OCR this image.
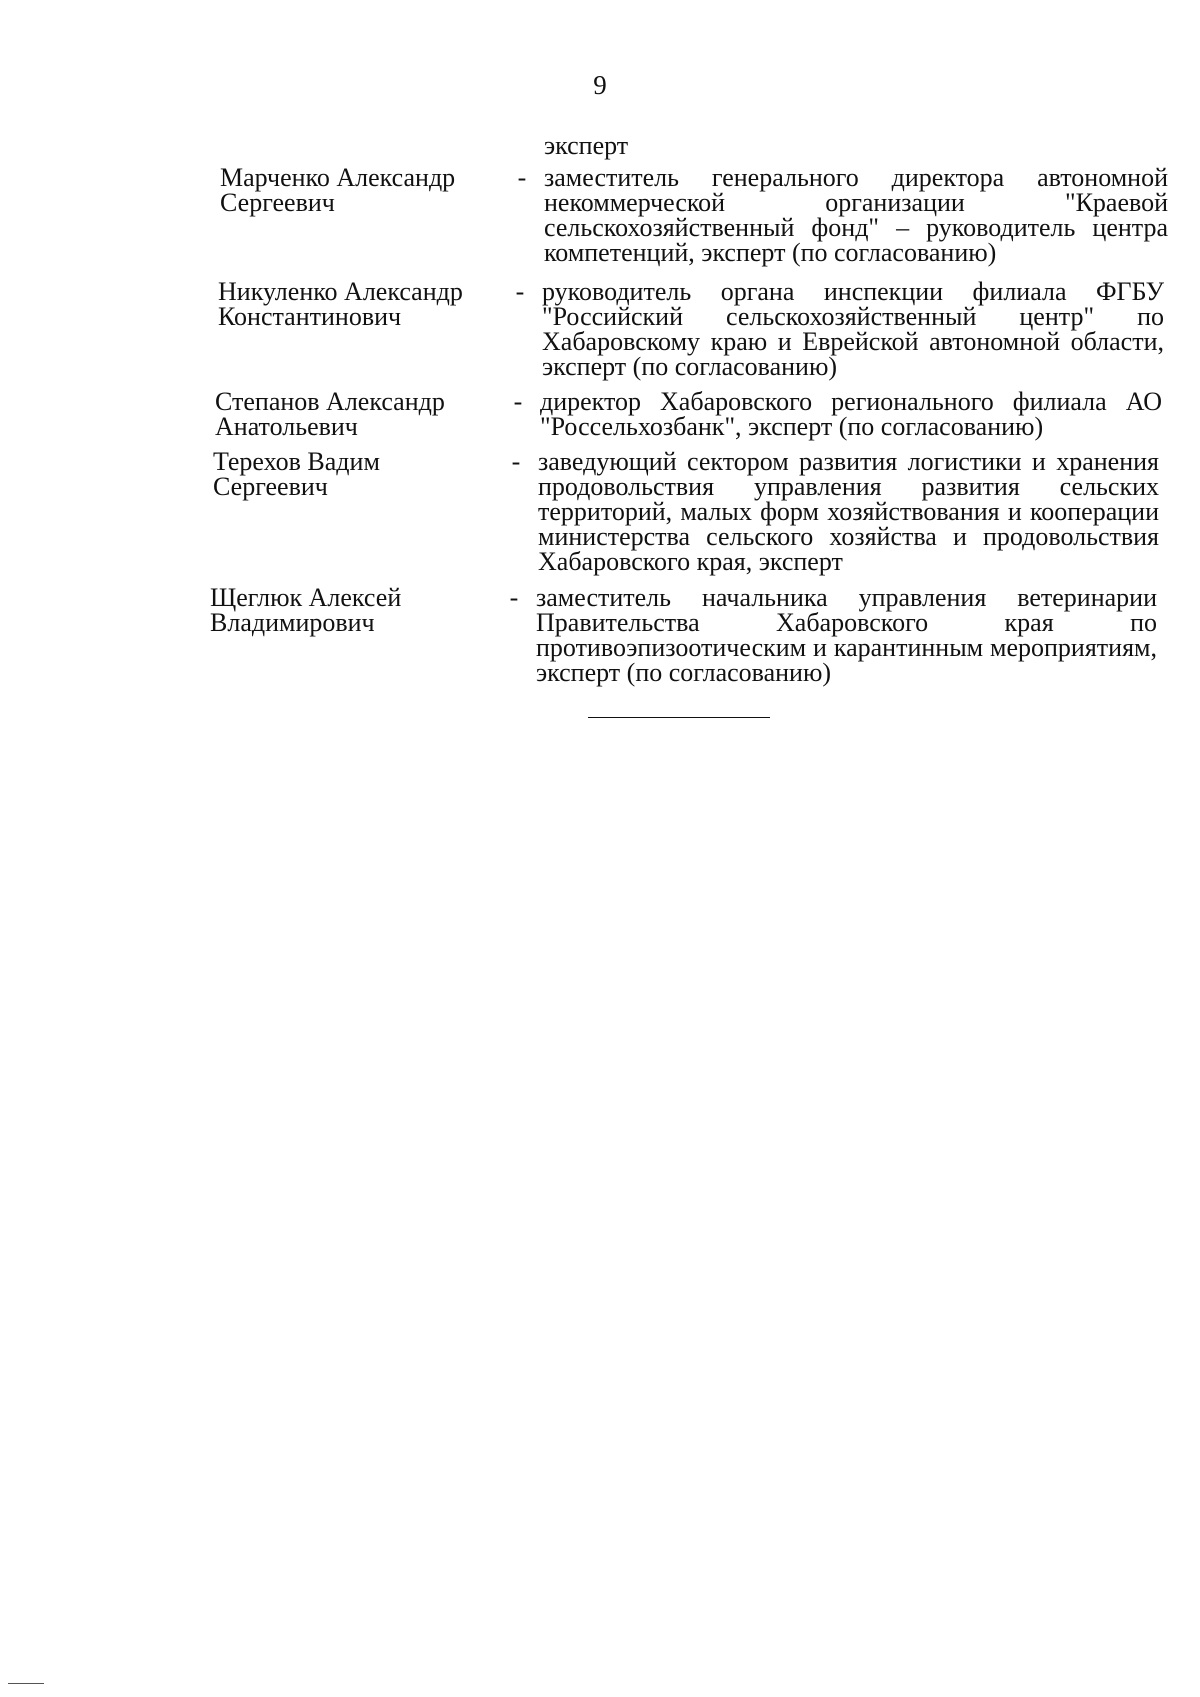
9
эксперт
Марченко Александр Сергеевич
- заместитель генерального директора автономной некоммерческой организации "Краевой сельскохозяйственный фонд" – руководитель центра компетенций, эксперт (по согласованию)
Никуленко Александр Константинович
- руководитель органа инспекции филиала ФГБУ "Российский сельскохозяйственный центр" по Хабаровскому краю и Еврейской автономной области, эксперт (по согласованию)
Степанов Александр Анатольевич
- директор Хабаровского регионального филиала АО "Россельхозбанк", эксперт (по согласованию)
Терехов Вадим Сергеевич
- заведующий сектором развития логистики и хранения продовольствия управления развития сельских территорий, малых форм хозяйствования и кооперации министерства сельского хозяйства и продовольствия Хабаровского края, эксперт
Щеглюк Алексей Владимирович
- заместитель начальника управления ветеринарии Правительства Хабаровского края по противоэпизоотическим и карантинным мероприятиям, эксперт (по согласованию)
